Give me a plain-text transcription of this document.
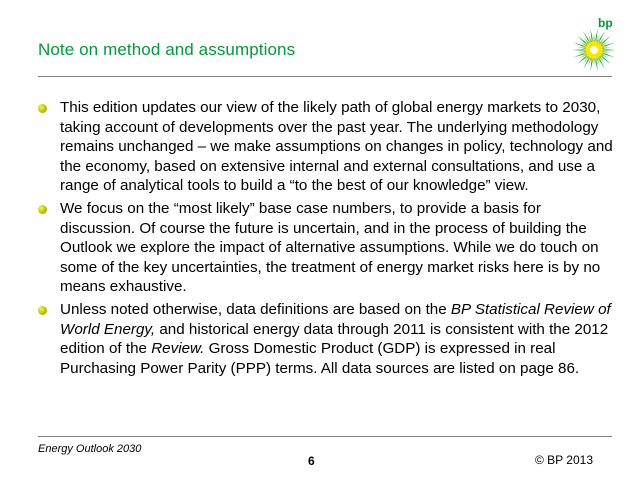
Note on method and assumptions
bp
This edition updates our view of the likely path of global energy markets to 2030, taking account of developments over the past year. The underlying methodology remains unchanged – we make assumptions on changes in policy, technology and the economy, based on extensive internal and external consultations, and use a range of analytical tools to build a “to the best of our knowledge” view.
We focus on the “most likely” base case numbers, to provide a basis for discussion. Of course the future is uncertain, and in the process of building the Outlook we explore the impact of alternative assumptions. While we do touch on some of the key uncertainties, the treatment of energy market risks here is by no means exhaustive.
Unless noted otherwise, data definitions are based on the BP Statistical Review of World Energy, and historical energy data through 2011 is consistent with the 2012 edition of the Review. Gross Domestic Product (GDP) is expressed in real Purchasing Power Parity (PPP) terms. All data sources are listed on page 86.
Energy Outlook 2030
6	© BP 2013
